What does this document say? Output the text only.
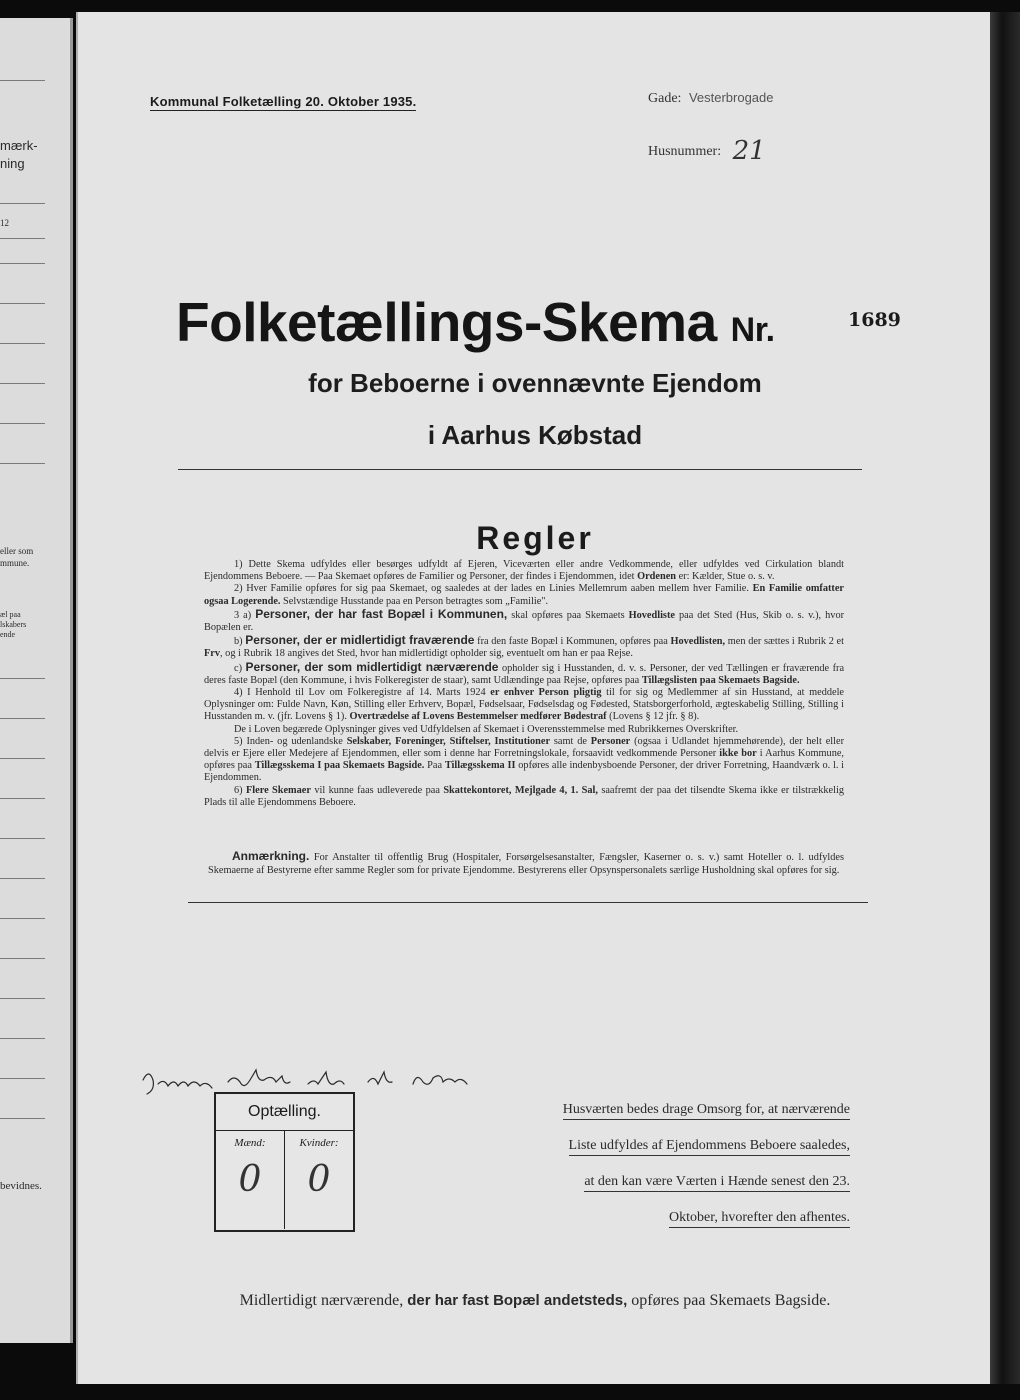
mærk-
ning
12
eller som
mmune.
æl paa
lskabers
ende
bevidnes.
Kommunal Folketælling 20. Oktober 1935.	Gade: Vesterbrogade
Husnummer: 21
Folketællings-Skema Nr.	1689
for Beboerne i ovennævnte Ejendom
i Aarhus Købstad
Regler

1) Dette Skema udfyldes eller besørges udfyldt af Ejeren, Viceværten eller andre Vedkommende, eller udfyldes ved Cirkulation blandt Ejendommens Beboere. — Paa Skemaet opføres de Familier og Personer, der findes i Ejendommen, idet Ordenen er: Kælder, Stue o. s. v.

2) Hver Familie opføres for sig paa Skemaet, og saaledes at der lades en Linies Mellemrum aaben mellem hver Familie. En Familie omfatter ogsaa Logerende. Selvstændige Husstande paa en Person betragtes som „Familie".

3 a) Personer, der har fast Bopæl i Kommunen, skal opføres paa Skemaets Hovedliste paa det Sted (Hus, Skib o. s. v.), hvor Bopælen er.

b) Personer, der er midlertidigt fraværende fra den faste Bopæl i Kommunen, opføres paa Hovedlisten, men der sættes i Rubrik 2 et Frv, og i Rubrik 18 angives det Sted, hvor han midlertidigt opholder sig, eventuelt om han er paa Rejse.

c) Personer, der som midlertidigt nærværende opholder sig i Husstanden, d. v. s. Personer, der ved Tællingen er fraværende fra deres faste Bopæl (den Kommune, i hvis Folkeregister de staar), samt Udlændinge paa Rejse, opføres paa Tillægslisten paa Skemaets Bagside.

4) I Henhold til Lov om Folkeregistre af 14. Marts 1924 er enhver Person pligtig til for sig og Medlemmer af sin Husstand, at meddele Oplysninger om: Fulde Navn, Køn, Stilling eller Erhverv, Bopæl, Fødselsaar, Fødselsdag og Fødested, Statsborgerforhold, ægteskabelig Stilling, Stilling i Husstanden m. v. (jfr. Lovens § 1). Overtrædelse af Lovens Bestemmelser medfører Bødestraf (Lovens § 12 jfr. § 8).

De i Loven begærede Oplysninger gives ved Udfyldelsen af Skemaet i Overensstemmelse med Rubrikkernes Overskrifter.

5) Inden- og udenlandske Selskaber, Foreninger, Stiftelser, Institutioner samt de Personer (ogsaa i Udlandet hjemmehørende), der helt eller delvis er Ejere eller Medejere af Ejendommen, eller som i denne har Forretningslokale, forsaavidt vedkommende Personer ikke bor i Aarhus Kommune, opføres paa Tillægsskema I paa Skemaets Bagside. Paa Tillægsskema II opføres alle indenbysboende Personer, der driver Forretning, Haandværk o. l. i Ejendommen.

6) Flere Skemaer vil kunne faas udleverede paa Skattekontoret, Mejlgade 4, 1. Sal, saafremt der paa det tilsendte Skema ikke er tilstrækkelig Plads til alle Ejendommens Beboere.

Anmærkning. For Anstalter til offentlig Brug (Hospitaler, Forsørgelsesanstalter, Fængsler, Kaserner o. s. v.) samt Hoteller o. l. udfyldes Skemaerne af Bestyrerne efter samme Regler som for private Ejendomme. Bestyrerens eller Opsynspersonalets særlige Husholdning skal opføres for sig.
Optælling.
Mænd:
0
Kvinder:
0
Husværten bedes drage Omsorg for, at nærværende
Liste udfyldes af Ejendommens Beboere saaledes,
at den kan være Værten i Hænde senest den 23.
Oktober, hvorefter den afhentes.
Midlertidigt nærværende, der har fast Bopæl andetsteds, opføres paa Skemaets Bagside.
